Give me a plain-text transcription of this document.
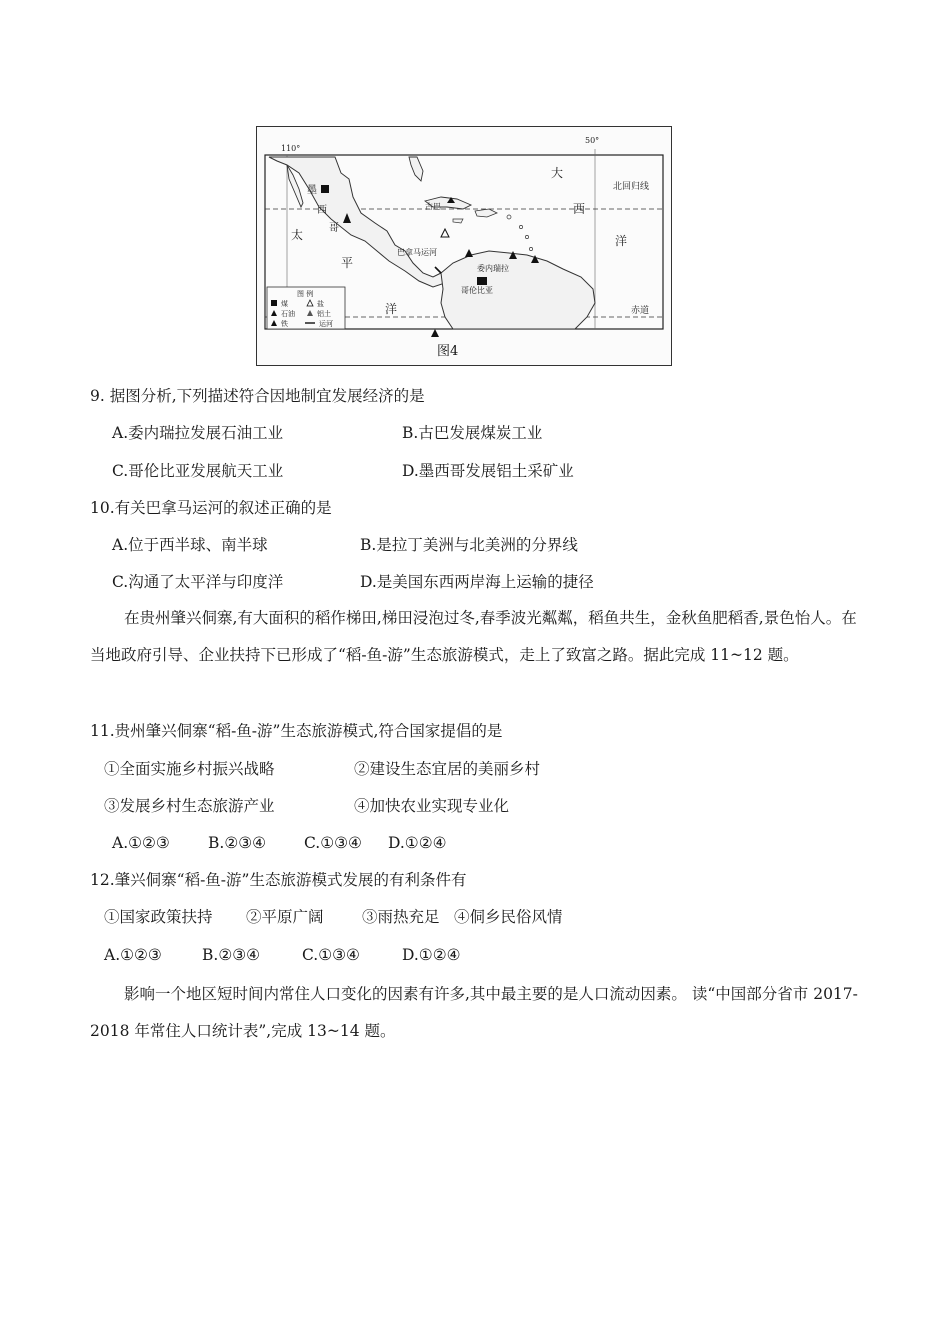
110°
50°
北回归线
赤道
太
平
洋
大
西
洋
墨
西
哥
古巴
巴拿马运河
委内瑞拉
哥伦比亚
图 例
煤	盐
石油	铝土
铁	运河
图4
9. 据图分析,下列描述符合因地制宜发展经济的是
A.委内瑞拉发展石油工业	B.古巴发展煤炭工业
C.哥伦比亚发展航天工业	D.墨西哥发展铝土采矿业
10.有关巴拿马运河的叙述正确的是
A.位于西半球、南半球	B.是拉丁美洲与北美洲的分界线
C.沟通了太平洋与印度洋	D.是美国东西两岸海上运输的捷径
在贵州肇兴侗寨,有大面积的稻作梯田,梯田浸泡过冬,春季波光粼粼，稻鱼共生，金秋鱼肥稻香,景色怡人。在当地政府引导、企业扶持下已形成了“稻-鱼-游”生态旅游模式，走上了致富之路。据此完成 11~12 题。
11.贵州肇兴侗寨“稻-鱼-游”生态旅游模式,符合国家提倡的是
①全面实施乡村振兴战略	②建设生态宜居的美丽乡村
③发展乡村生态旅游产业	④加快农业实现专业化
A.①②③ B.②③④ C.①③④ D.①②④
12.肇兴侗寨“稻-鱼-游”生态旅游模式发展的有利条件有
①国家政策扶持 ②平原广阔 ③雨热充足 ④侗乡民俗风情
A.①②③	B.②③④	C.①③④	D.①②④
影响一个地区短时间内常住人口变化的因素有许多,其中最主要的是人口流动因素。 读“中国部分省市 2017-2018 年常住人口统计表”,完成 13~14 题。
